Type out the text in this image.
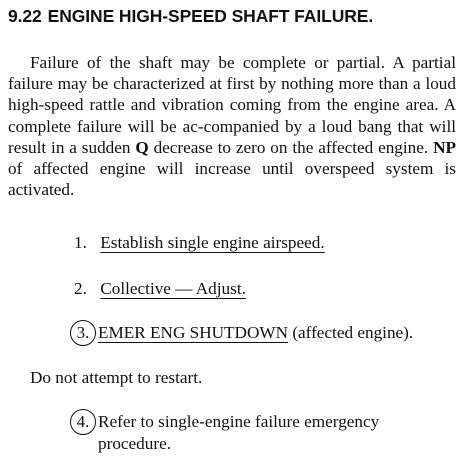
9.22 ENGINE HIGH-SPEED SHAFT FAILURE.

Failure of the shaft may be complete or partial. A partial failure may be characterized at first by nothing more than a loud high-speed rattle and vibration coming from the engine area. A complete failure will be ac-companied by a loud bang that will result in a sudden Q decrease to zero on the affected engine. NP of affected engine will increase until overspeed system is activated.

1. Establish single engine airspeed.
2. Collective — Adjust.
3. EMER ENG SHUTDOWN (affected engine).
Do not attempt to restart.
4. Refer to single-engine failure emergency
procedure.
